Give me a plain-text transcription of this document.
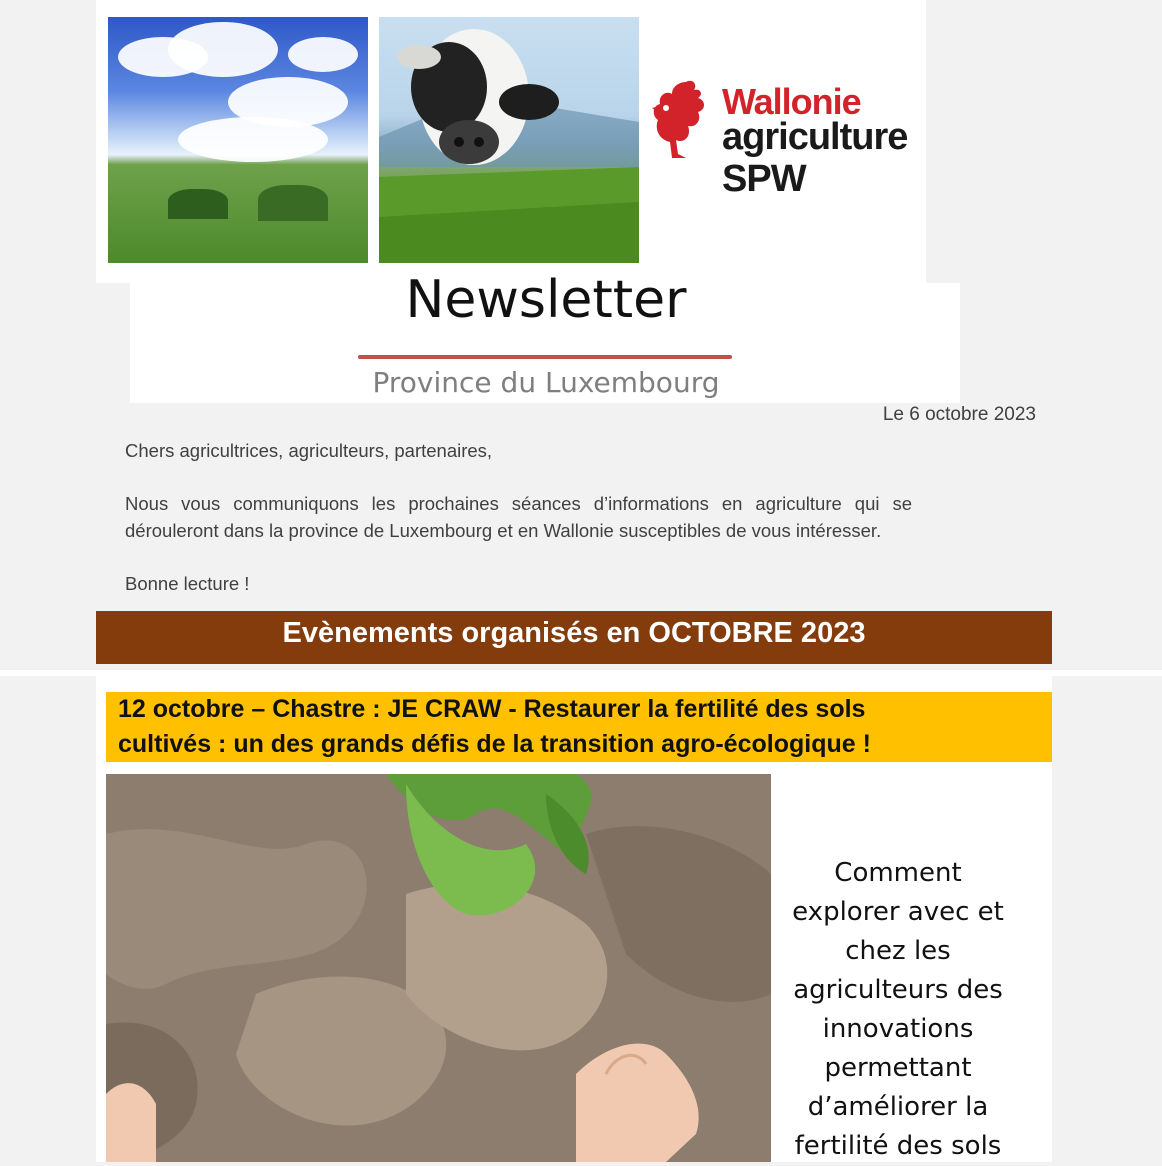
Wallonie
agriculture
SPW
Newsletter
Province du Luxembourg
Le 6 octobre 2023

Chers agricultrices, agriculteurs, partenaires,

Nous vous communiquons les prochaines séances d’informations en agriculture qui se dérouleront dans la province de Luxembourg et en Wallonie susceptibles de vous intéresser.

Bonne lecture !

Evènements organisés en OCTOBRE 2023
12 octobre – Chastre : JE CRAW - Restaurer la fertilité des sols
cultivés : un des grands défis de la transition agro-écologique !
Comment explorer avec et chez les agriculteurs des innovations permettant d’améliorer la fertilité des sols
